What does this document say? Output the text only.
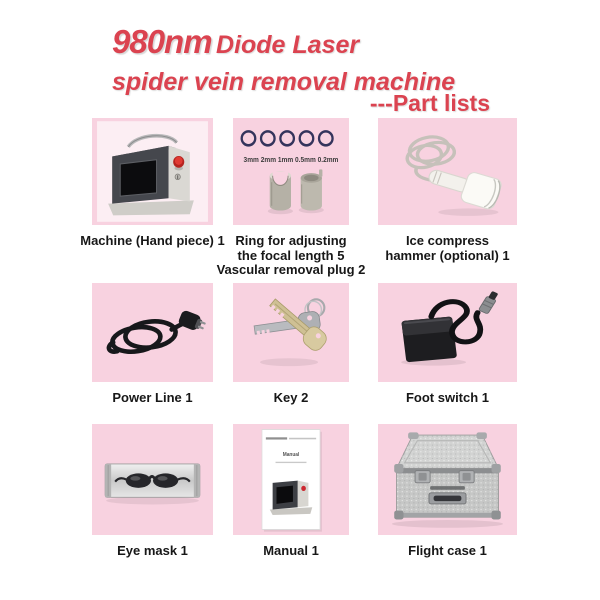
980nm Diode Laser
spider vein removal machine
---Part lists
3mm 2mm 1mm 0.5mm 0.2mm
Manual
Machine (Hand piece) 1 Ring for adjusting
the focal length 5
Vascular removal plug 2
Ice compress
hammer (optional) 1
Power Line 1	Key 2	Foot switch 1
Eye mask 1	Manual 1	Flight case 1
